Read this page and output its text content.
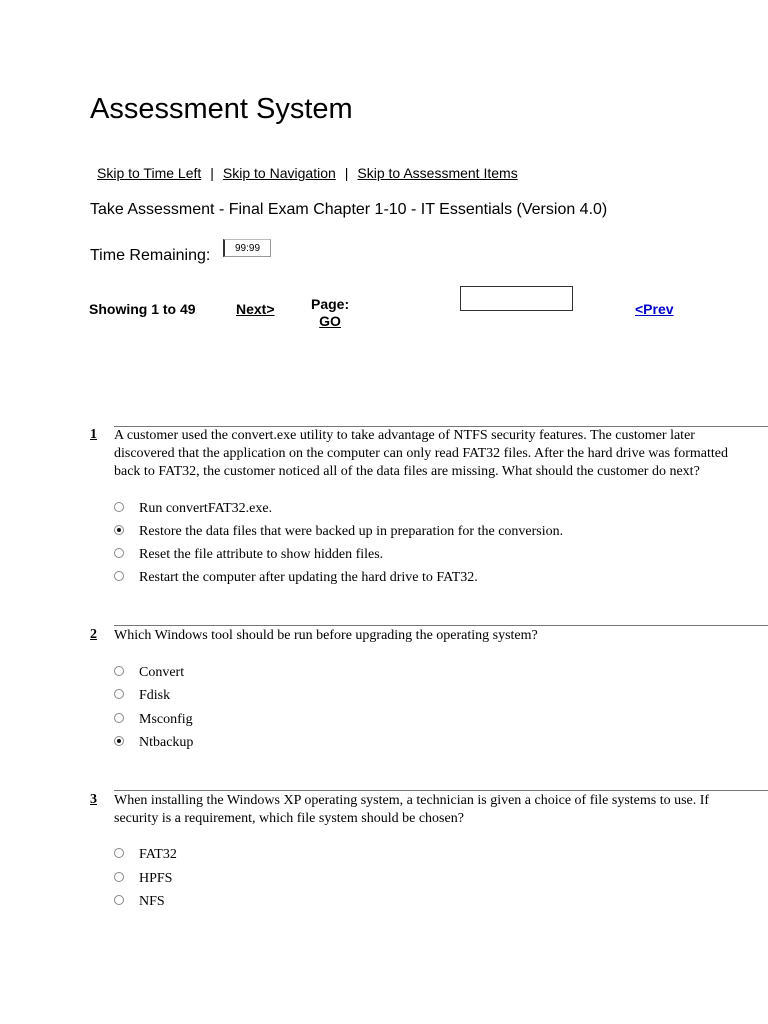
Assessment System
Skip to Time Left | Skip to Navigation | Skip to Assessment Items
Take Assessment - Final Exam Chapter 1-10 - IT Essentials (Version 4.0)
Time Remaining:	99:99
Showing 1 to 49	Next>	Page:
GO
<Prev
1 A customer used the convert.exe utility to take advantage of NTFS security features. The customer later
discovered that the application on the computer can only read FAT32 files. After the hard drive was formatted
back to FAT32, the customer noticed all of the data files are missing. What should the customer do next?
Run convertFAT32.exe.
Restore the data files that were backed up in preparation for the conversion.
Reset the file attribute to show hidden files.
Restart the computer after updating the hard drive to FAT32.
2 Which Windows tool should be run before upgrading the operating system?
Convert
Fdisk
Msconfig
Ntbackup
3 When installing the Windows XP operating system, a technician is given a choice of file systems to use. If
security is a requirement, which file system should be chosen?
FAT32
HPFS
NFS
